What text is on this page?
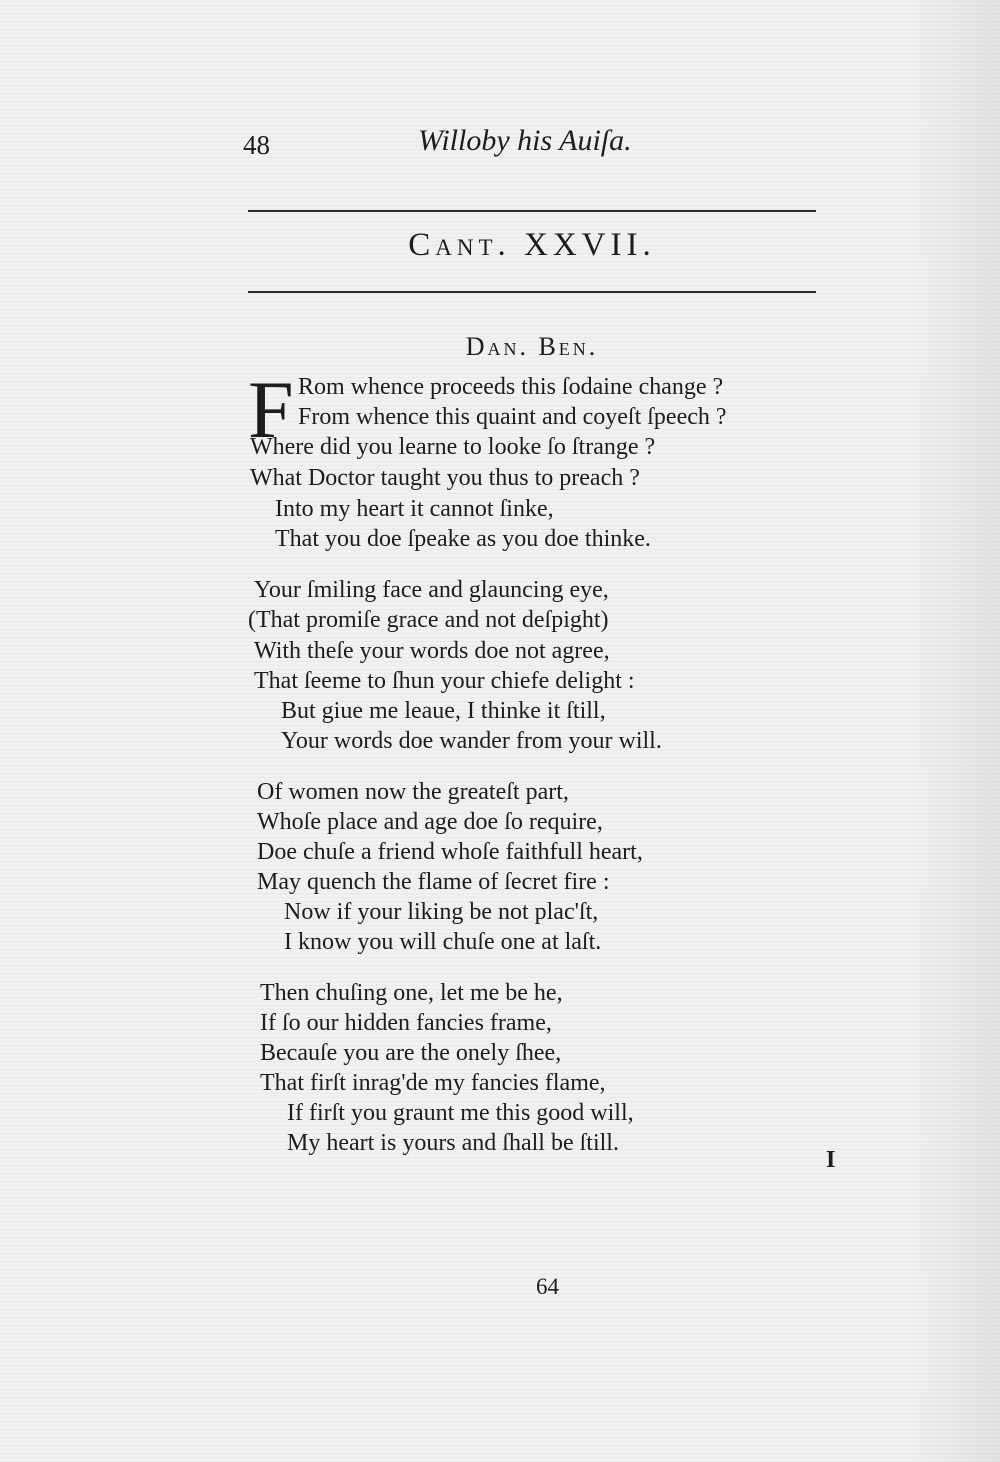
48	Willoby his Auiſa.
Cant. XXVII.
Dan. Ben.
F Rom whence proceeds this ſodaine change ?
From whence this quaint and coyeſt ſpeech ?
Where did you learne to looke ſo ſtrange ?
What Doctor taught you thus to preach ?
Into my heart it cannot ſinke,
That you doe ſpeake as you doe thinke.
Your ſmiling face and glauncing eye,
(That promiſe grace and not deſpight)
With theſe your words doe not agree,
That ſeeme to ſhun your chiefe delight :
But giue me leaue, I thinke it ſtill,
Your words doe wander from your will.
Of women now the greateſt part,
Whoſe place and age doe ſo require,
Doe chuſe a friend whoſe faithfull heart,
May quench the flame of ſecret fire :
Now if your liking be not plac'ſt,
I know you will chuſe one at laſt.
Then chuſing one, let me be he,
If ſo our hidden fancies frame,
Becauſe you are the onely ſhee,
That firſt inrag'de my fancies flame,
If firſt you graunt me this good will,
My heart is yours and ſhall be ſtill.
I
64
